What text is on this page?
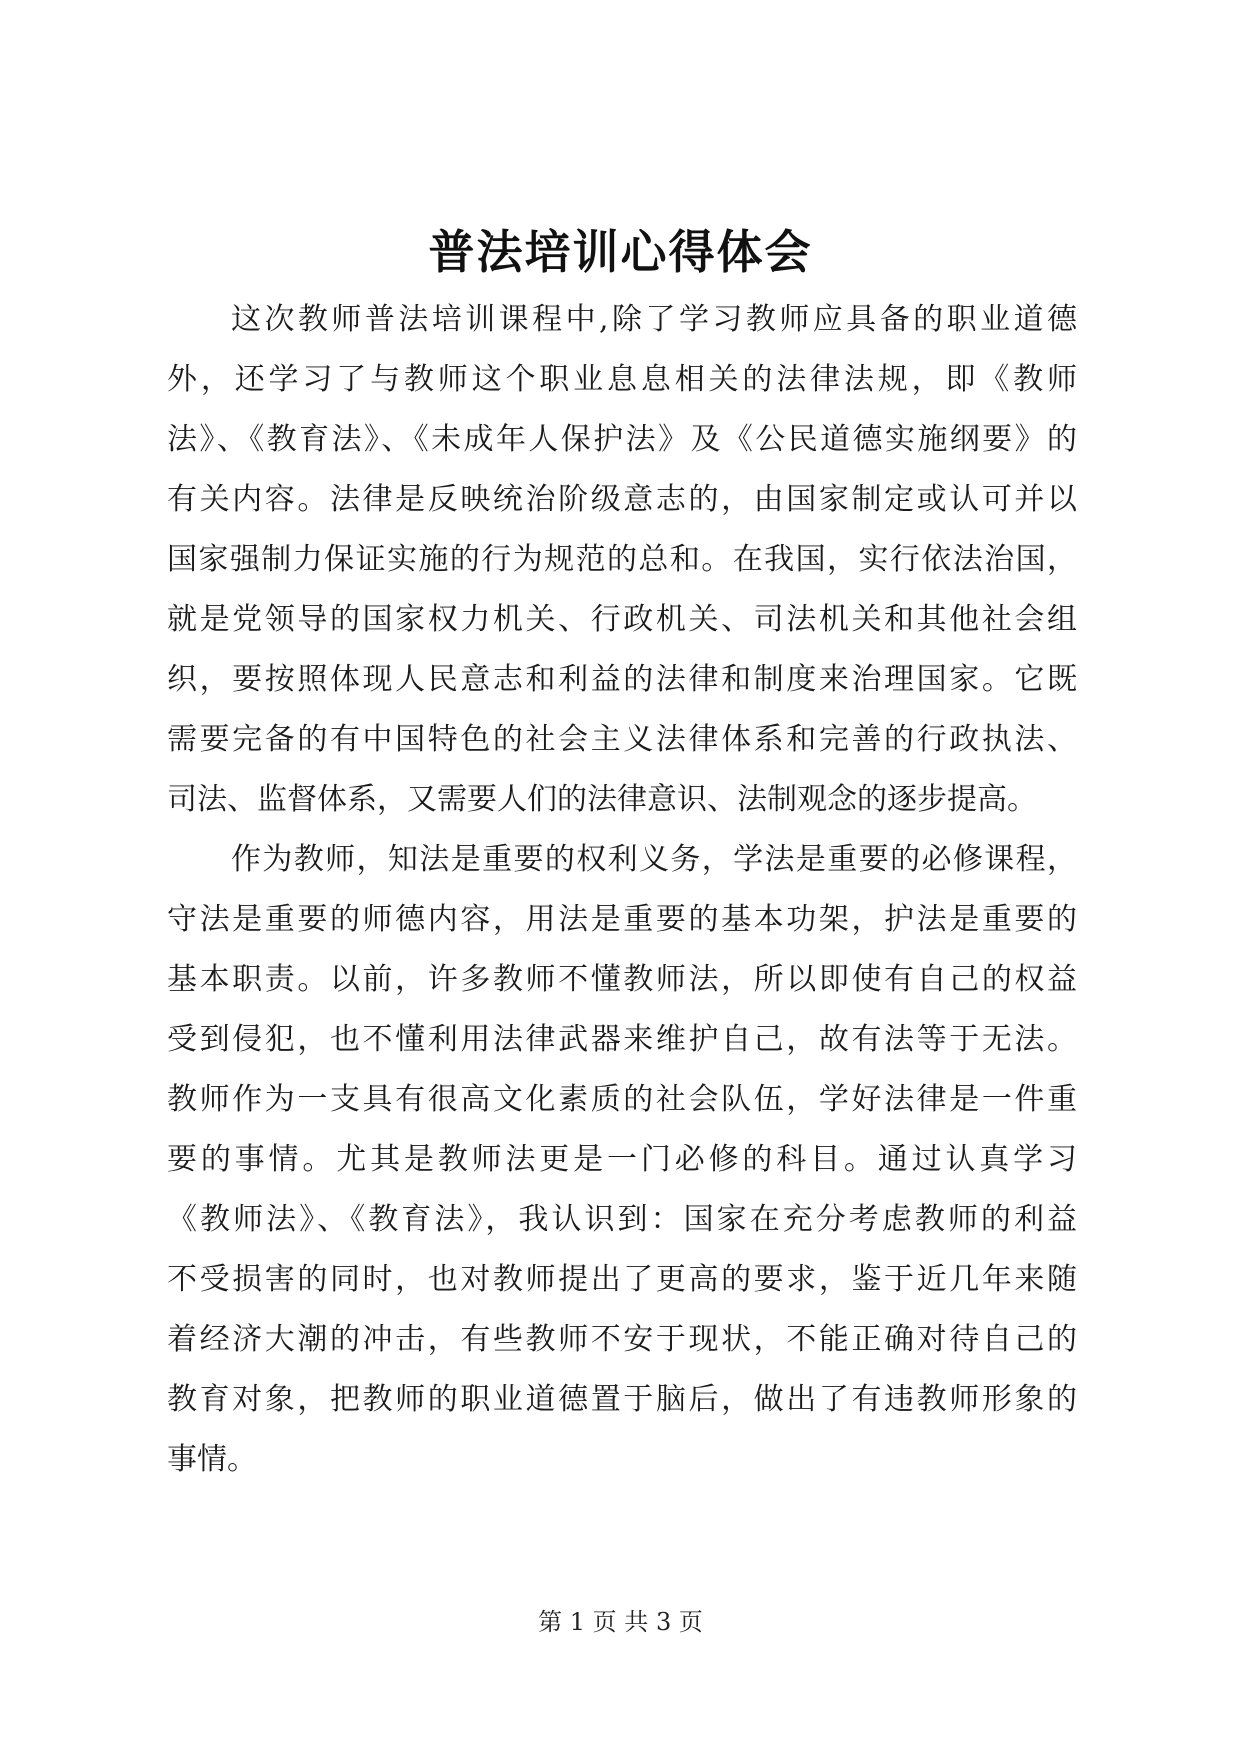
普法培训心得体会
这次教师普法培训课程中,除了学习教师应具备的职业道德
外，还学习了与教师这个职业息息相关的法律法规，即《教师
法》、《教育法》、《未成年人保护法》及《公民道德实施纲要》的
有关内容。法律是反映统治阶级意志的，由国家制定或认可并以
国家强制力保证实施的行为规范的总和。在我国，实行依法治国，
就是党领导的国家权力机关、行政机关、司法机关和其他社会组
织，要按照体现人民意志和利益的法律和制度来治理国家。它既
需要完备的有中国特色的社会主义法律体系和完善的行政执法、
司法、监督体系，又需要人们的法律意识、法制观念的逐步提高。
作为教师，知法是重要的权利义务，学法是重要的必修课程，
守法是重要的师德内容，用法是重要的基本功架，护法是重要的
基本职责。以前，许多教师不懂教师法，所以即使有自己的权益
受到侵犯，也不懂利用法律武器来维护自己，故有法等于无法。
教师作为一支具有很高文化素质的社会队伍，学好法律是一件重
要的事情。尤其是教师法更是一门必修的科目。通过认真学习
《教师法》、《教育法》，我认识到：国家在充分考虑教师的利益
不受损害的同时，也对教师提出了更高的要求，鉴于近几年来随
着经济大潮的冲击，有些教师不安于现状，不能正确对待自己的
教育对象，把教师的职业道德置于脑后，做出了有违教师形象的
事情。
第 1 页 共 3 页
